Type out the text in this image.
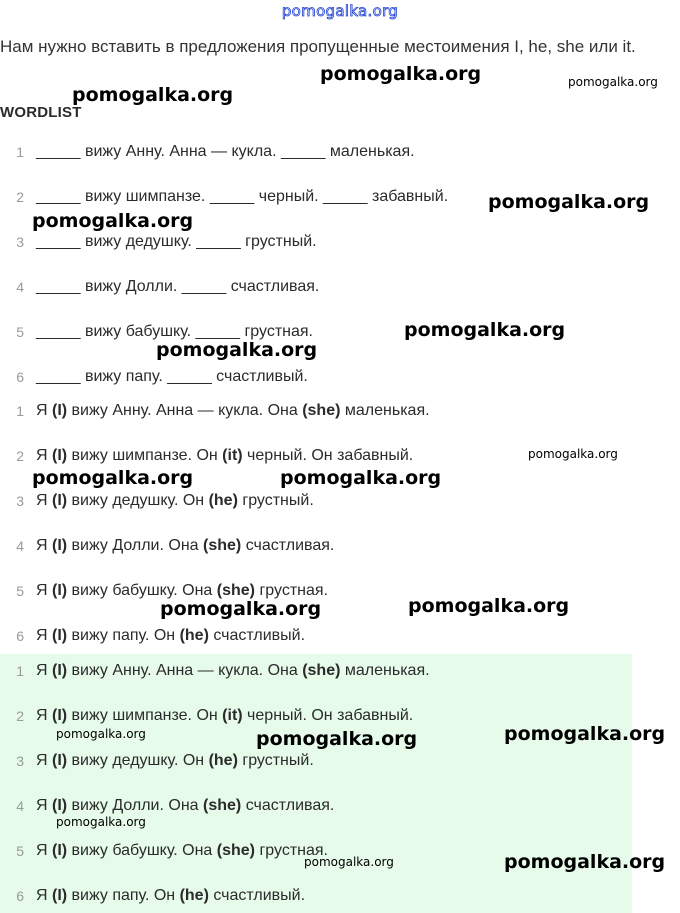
pomogalka.org
Нам нужно вставить в предложения пропущенные местоимения I, he, she или it.
WORDLIST
1 _____ вижу Анну. Анна — кукла. _____ маленькая.
2 _____ вижу шимпанзе. _____ черный. _____ забавный.
3 _____ вижу дедушку. _____ грустный.
4 _____ вижу Долли. _____ счастливая.
5 _____ вижу бабушку. _____ грустная.
6 _____ вижу папу. _____ счастливый.
1 Я (I) вижу Анну. Анна — кукла. Она (she) маленькая.
2 Я (I) вижу шимпанзе. Он (it) черный. Он забавный.
3 Я (I) вижу дедушку. Он (he) грустный.
4 Я (I) вижу Долли. Она (she) счастливая.
5 Я (I) вижу бабушку. Она (she) грустная.
6 Я (I) вижу папу. Он (he) счастливый.
1 Я (I) вижу Анну. Анна — кукла. Она (she) маленькая.
2 Я (I) вижу шимпанзе. Он (it) черный. Он забавный.
3 Я (I) вижу дедушку. Он (he) грустный.
4 Я (I) вижу Долли. Она (she) счастливая.
5 Я (I) вижу бабушку. Она (she) грустная.
6 Я (I) вижу папу. Он (he) счастливый.
pomogalka.org	pomogalka.org
pomogalka.org
pomogalka.org
pomogalka.org
pomogalka.org
pomogalka.org
pomogalka.org
pomogalka.org	pomogalka.org
pomogalka.org
pomogalka.org
pomogalka.org	pomogalka.org	pomogalka.org
pomogalka.org
pomogalka.org
pomogalka.org
